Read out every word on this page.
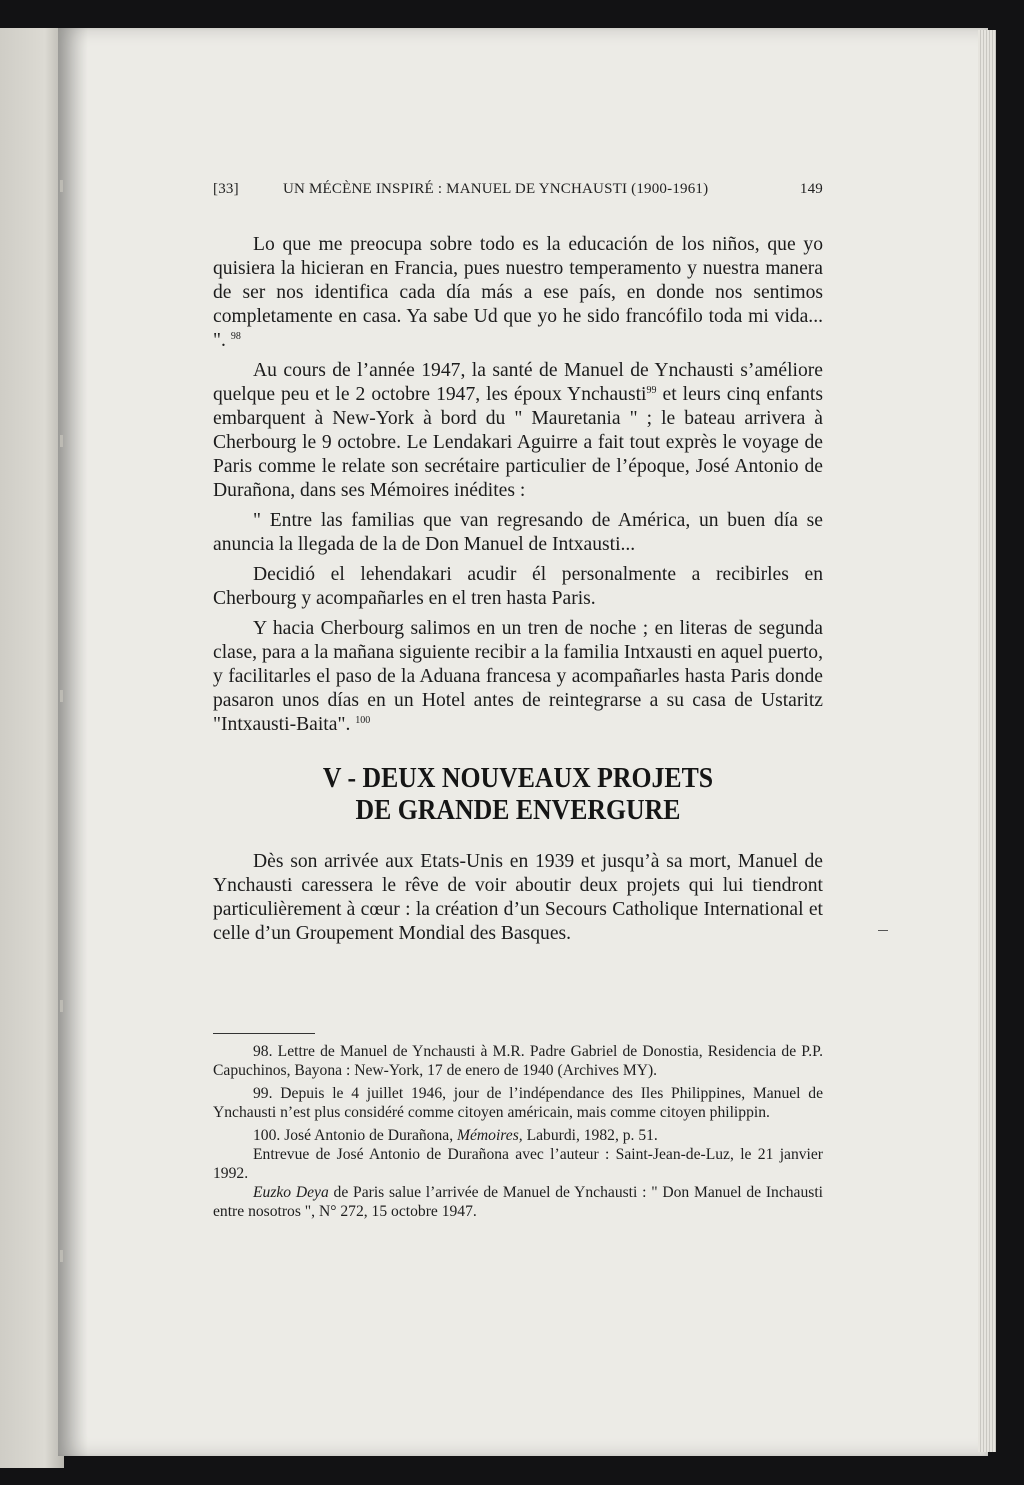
[33]	UN MÉCÈNE INSPIRÉ : MANUEL DE YNCHAUSTI (1900-1961)	149

Lo que me preocupa sobre todo es la educación de los niños, que yo quisiera la hicieran en Francia, pues nuestro temperamento y nuestra manera de ser nos identifica cada día más a ese país, en donde nos sentimos completamente en casa. Ya sabe Ud que yo he sido francófilo toda mi vida... ". $^{98}$

Au cours de l’année 1947, la santé de Manuel de Ynchausti s’améliore quelque peu et le 2 octobre 1947, les époux Ynchausti$^{99}$ et leurs cinq enfants embarquent à New-York à bord du " Mauretania " ; le bateau arrivera à Cherbourg le 9 octobre. Le Lendakari Aguirre a fait tout exprès le voyage de Paris comme le relate son secrétaire particulier de l’époque, José Antonio de Durañona, dans ses Mémoires inédites :

" Entre las familias que van regresando de América, un buen día se anuncia la llegada de la de Don Manuel de Intxausti...

Decidió el lehendakari acudir él personalmente a recibirles en Cherbourg y acompañarles en el tren hasta Paris.

Y hacia Cherbourg salimos en un tren de noche ; en literas de segunda clase, para a la mañana siguiente recibir a la familia Intxausti en aquel puerto, y facilitarles el paso de la Aduana francesa y acompañarles hasta Paris donde pasaron unos días en un Hotel antes de reintegrarse a su casa de Ustaritz "Intxausti-Baita". $^{100}$

V - DEUX NOUVEAUX PROJETS
DE GRANDE ENVERGURE

Dès son arrivée aux Etats-Unis en 1939 et jusqu’à sa mort, Manuel de Ynchausti caressera le rêve de voir aboutir deux projets qui lui tiendront particulièrement à cœur : la création d’un Secours Catholique International et celle d’un Groupement Mondial des Basques.

98. Lettre de Manuel de Ynchausti à M.R. Padre Gabriel de Donostia, Residencia de P.P. Capuchinos, Bayona : New-York, 17 de enero de 1940 (Archives MY).

99. Depuis le 4 juillet 1946, jour de l’indépendance des Iles Philippines, Manuel de Ynchausti n’est plus considéré comme citoyen américain, mais comme citoyen philippin.

100. José Antonio de Durañona, Mémoires, Laburdi, 1982, p. 51.

Entrevue de José Antonio de Durañona avec l’auteur : Saint-Jean-de-Luz, le 21 janvier 1992.

Euzko Deya de Paris salue l’arrivée de Manuel de Ynchausti : " Don Manuel de Inchausti entre nosotros ", N° 272, 15 octobre 1947.
